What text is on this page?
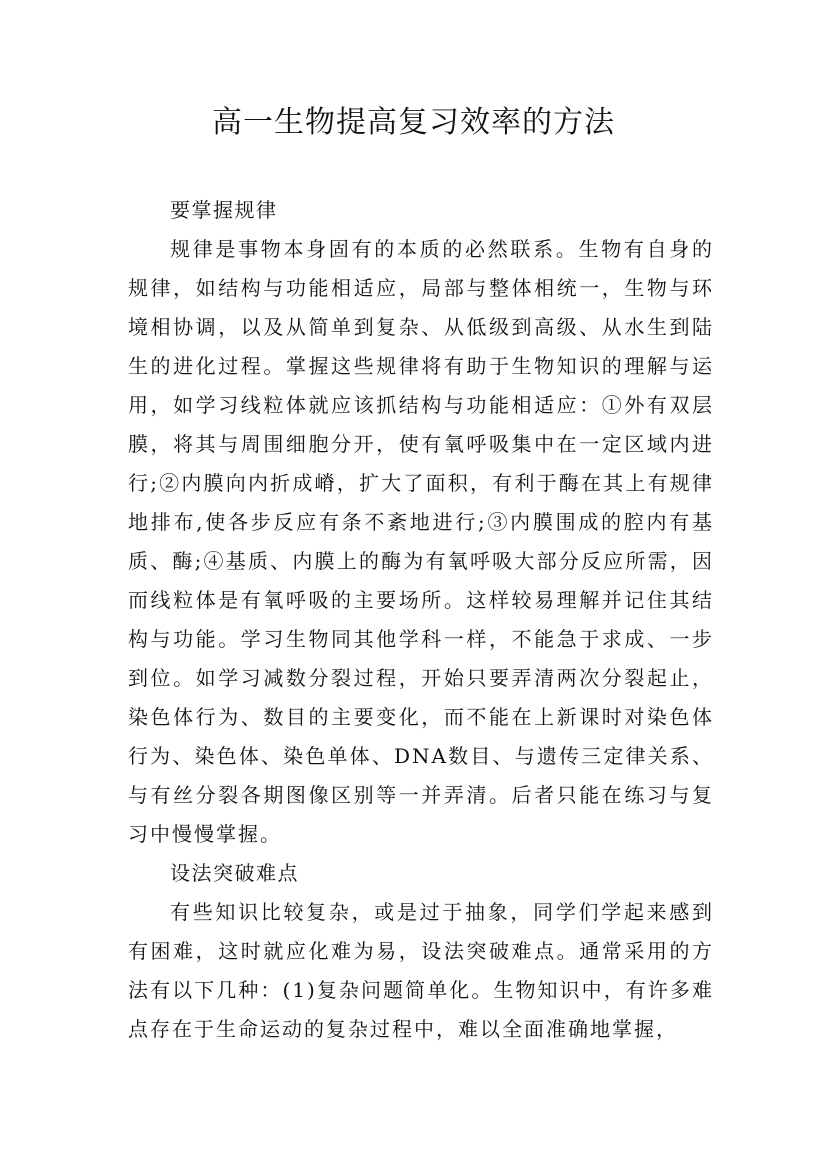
高一生物提高复习效率的方法

要掌握规律

规律是事物本身固有的本质的必然联系。生物有自身的规律，如结构与功能相适应，局部与整体相统一，生物与环境相协调，以及从简单到复杂、从低级到高级、从水生到陆生的进化过程。掌握这些规律将有助于生物知识的理解与运用，如学习线粒体就应该抓结构与功能相适应：①外有双层膜，将其与周围细胞分开，使有氧呼吸集中在一定区域内进行;②内膜向内折成嵴，扩大了面积，有利于酶在其上有规律地排布,使各步反应有条不紊地进行;③内膜围成的腔内有基质、酶;④基质、内膜上的酶为有氧呼吸大部分反应所需，因而线粒体是有氧呼吸的主要场所。这样较易理解并记住其结构与功能。学习生物同其他学科一样，不能急于求成、一步到位。如学习减数分裂过程，开始只要弄清两次分裂起止，染色体行为、数目的主要变化，而不能在上新课时对染色体行为、染色体、染色单体、DNA数目、与遗传三定律关系、与有丝分裂各期图像区别等一并弄清。后者只能在练习与复习中慢慢掌握。

设法突破难点

有些知识比较复杂，或是过于抽象，同学们学起来感到有困难，这时就应化难为易，设法突破难点。通常采用的方法有以下几种：(1)复杂问题简单化。生物知识中，有许多难点存在于生命运动的复杂过程中，难以全面准确地掌握，
